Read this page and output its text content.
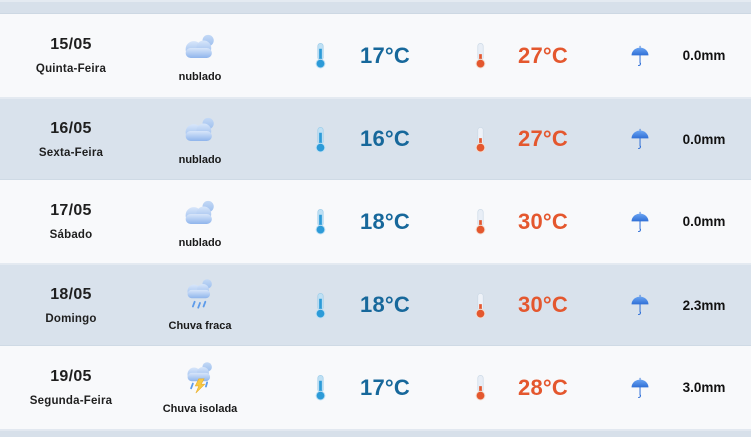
15/05
Quinta-Feira
nublado
17°C	27°C	0.0mm
16/05
Sexta-Feira
nublado
16°C	27°C	0.0mm
17/05
Sábado
nublado
18°C	30°C	0.0mm
18/05
Domingo
Chuva fraca
18°C	30°C	2.3mm
19/05
Segunda-Feira
Chuva isolada
17°C	28°C	3.0mm
